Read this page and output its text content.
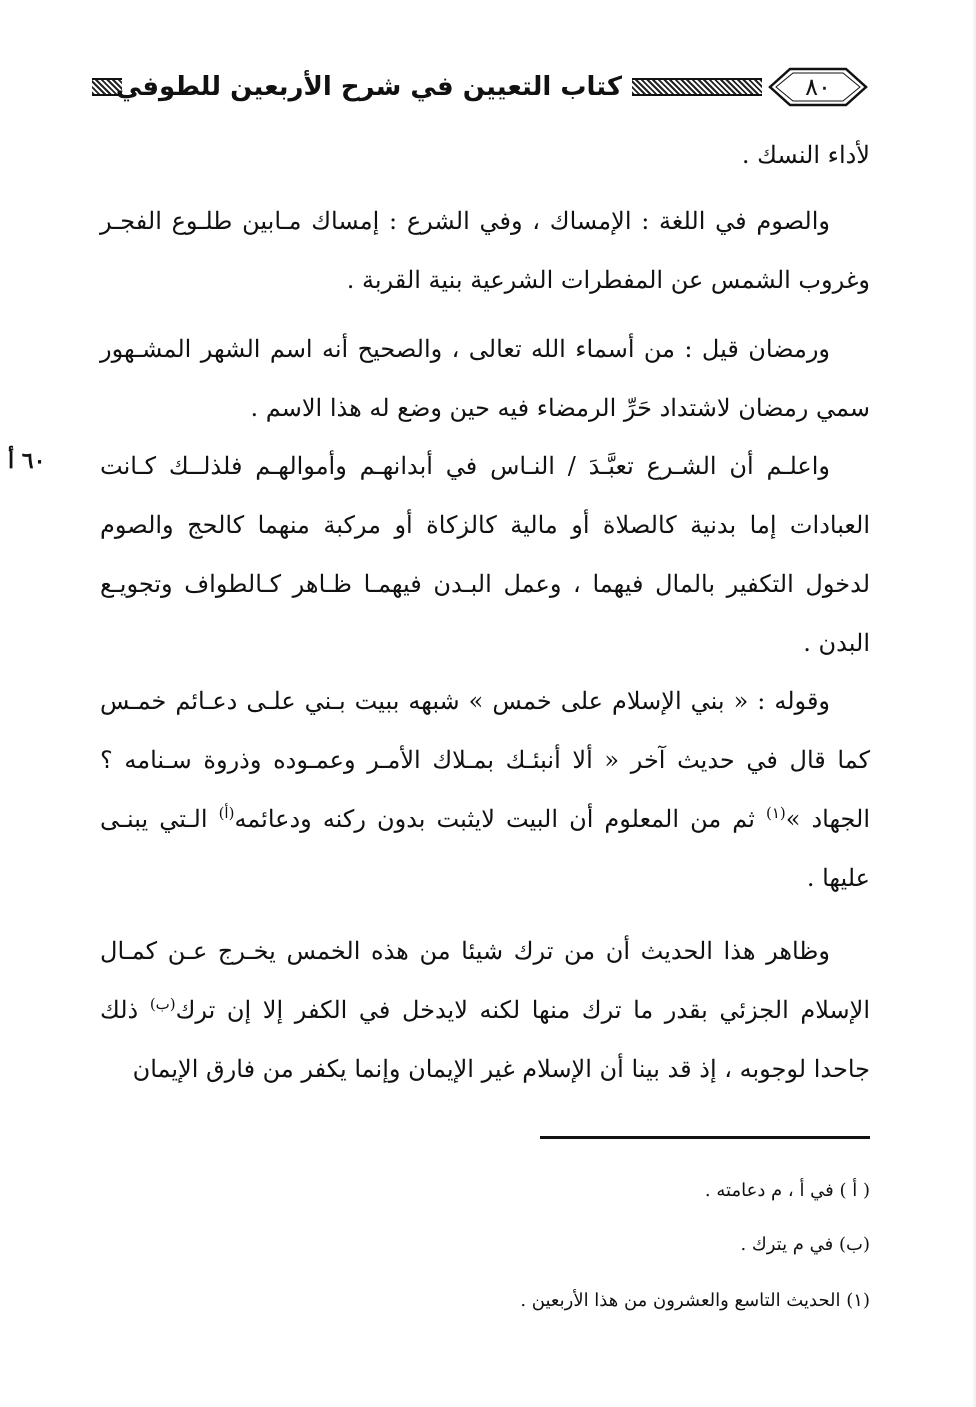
كتاب التعيين في شرح الأربعين للطوفي	٨٠
٦٠ أ

لأداء النسك .

والصوم في اللغة : الإمساك ، وفي الشرع : إمساك مـابين طلـوع الفجـر وغروب الشمس عن المفطرات الشرعية بنية القربة .

ورمضان قيل : من أسماء الله تعالى ، والصحيح أنه اسم الشهر المشـهور سمي رمضان لاشتداد حَرِّ الرمضاء فيه حين وضع له هذا الاسم .

واعلـم أن الشـرع تعبَّـدَ / النـاس في أبدانهـم وأموالهـم فلذلــك كـانت العبادات إما بدنية كالصلاة أو مالية كالزكاة أو مركبة منهما كالحج والصوم لدخول التكفير بالمال فيهما ، وعمل البـدن فيهمـا ظـاهر كـالطواف وتجويـع البدن .

وقوله : « بني الإسلام على خمس » شبهه ببيت بـني علـى دعـائم خمـس كما قال في حديث آخر « ألا أنبئـك بمـلاك الأمـر وعمـوده وذروة سـنامه ؟ الجهاد »$^{(١)}$ ثم من المعلوم أن البيت لايثبت بدون ركنه ودعائمه$^{(أ)}$ الـتي يبنـى عليها .

وظاهر هذا الحديث أن من ترك شيئا من هذه الخمس يخـرج عـن كمـال الإسلام الجزئي بقدر ما ترك منها لكنه لايدخل في الكفر إلا إن ترك$^{(ب)}$ ذلك جاحدا لوجوبه ، إذ قد بينا أن الإسلام غير الإيمان وإنما يكفر من فارق الإيمان

( أ ) في أ ، م دعامته .

(ب) في م يترك .

(١) الحديث التاسع والعشرون من هذا الأربعين .
